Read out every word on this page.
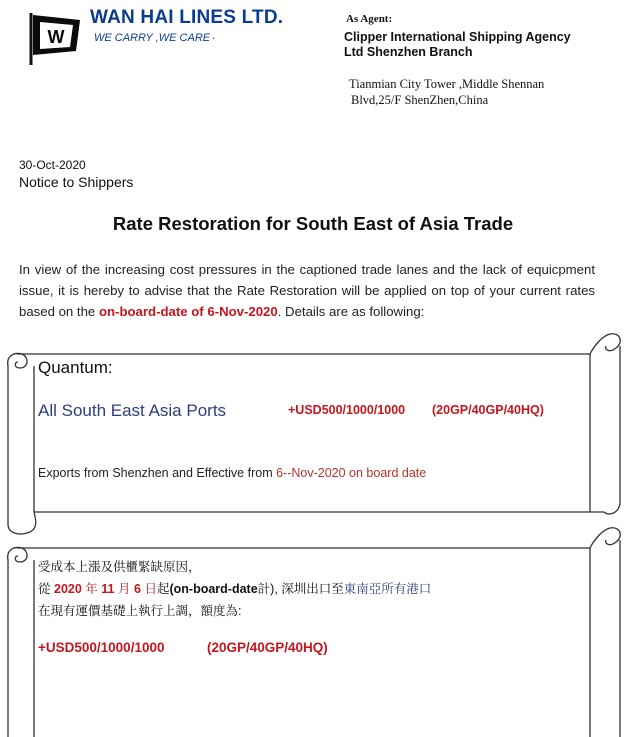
W
WAN HAI LINES LTD.
WE CARRY ,WE CARE .
As Agent:
Clipper International Shipping Agency
Ltd Shenzhen Branch
Tianmian City Tower ,Middle Shennan
Blvd,25/F ShenZhen,China
30-Oct-2020
Notice to Shippers
Rate Restoration for South East of Asia Trade
In view of the increasing cost pressures in the captioned trade lanes and the lack of equicpment issue, it is hereby to advise that the Rate Restoration will be applied on top of your current rates based on the on-board-date of 6-Nov-2020. Details are as following:
Quantum:
All South East Asia Ports	+USD500/1000/1000 (20GP/40GP/40HQ)
Exports from Shenzhen and Effective from 6--Nov-2020 on board date
受成本上漲及供櫃緊缺原因，
從 2020 年 11 月 6 日起(on-board-date計), 深圳出口至東南亞所有港口
在現有運價基礎上執行上調，額度為:
+USD500/1000/1000	(20GP/40GP/40HQ)
